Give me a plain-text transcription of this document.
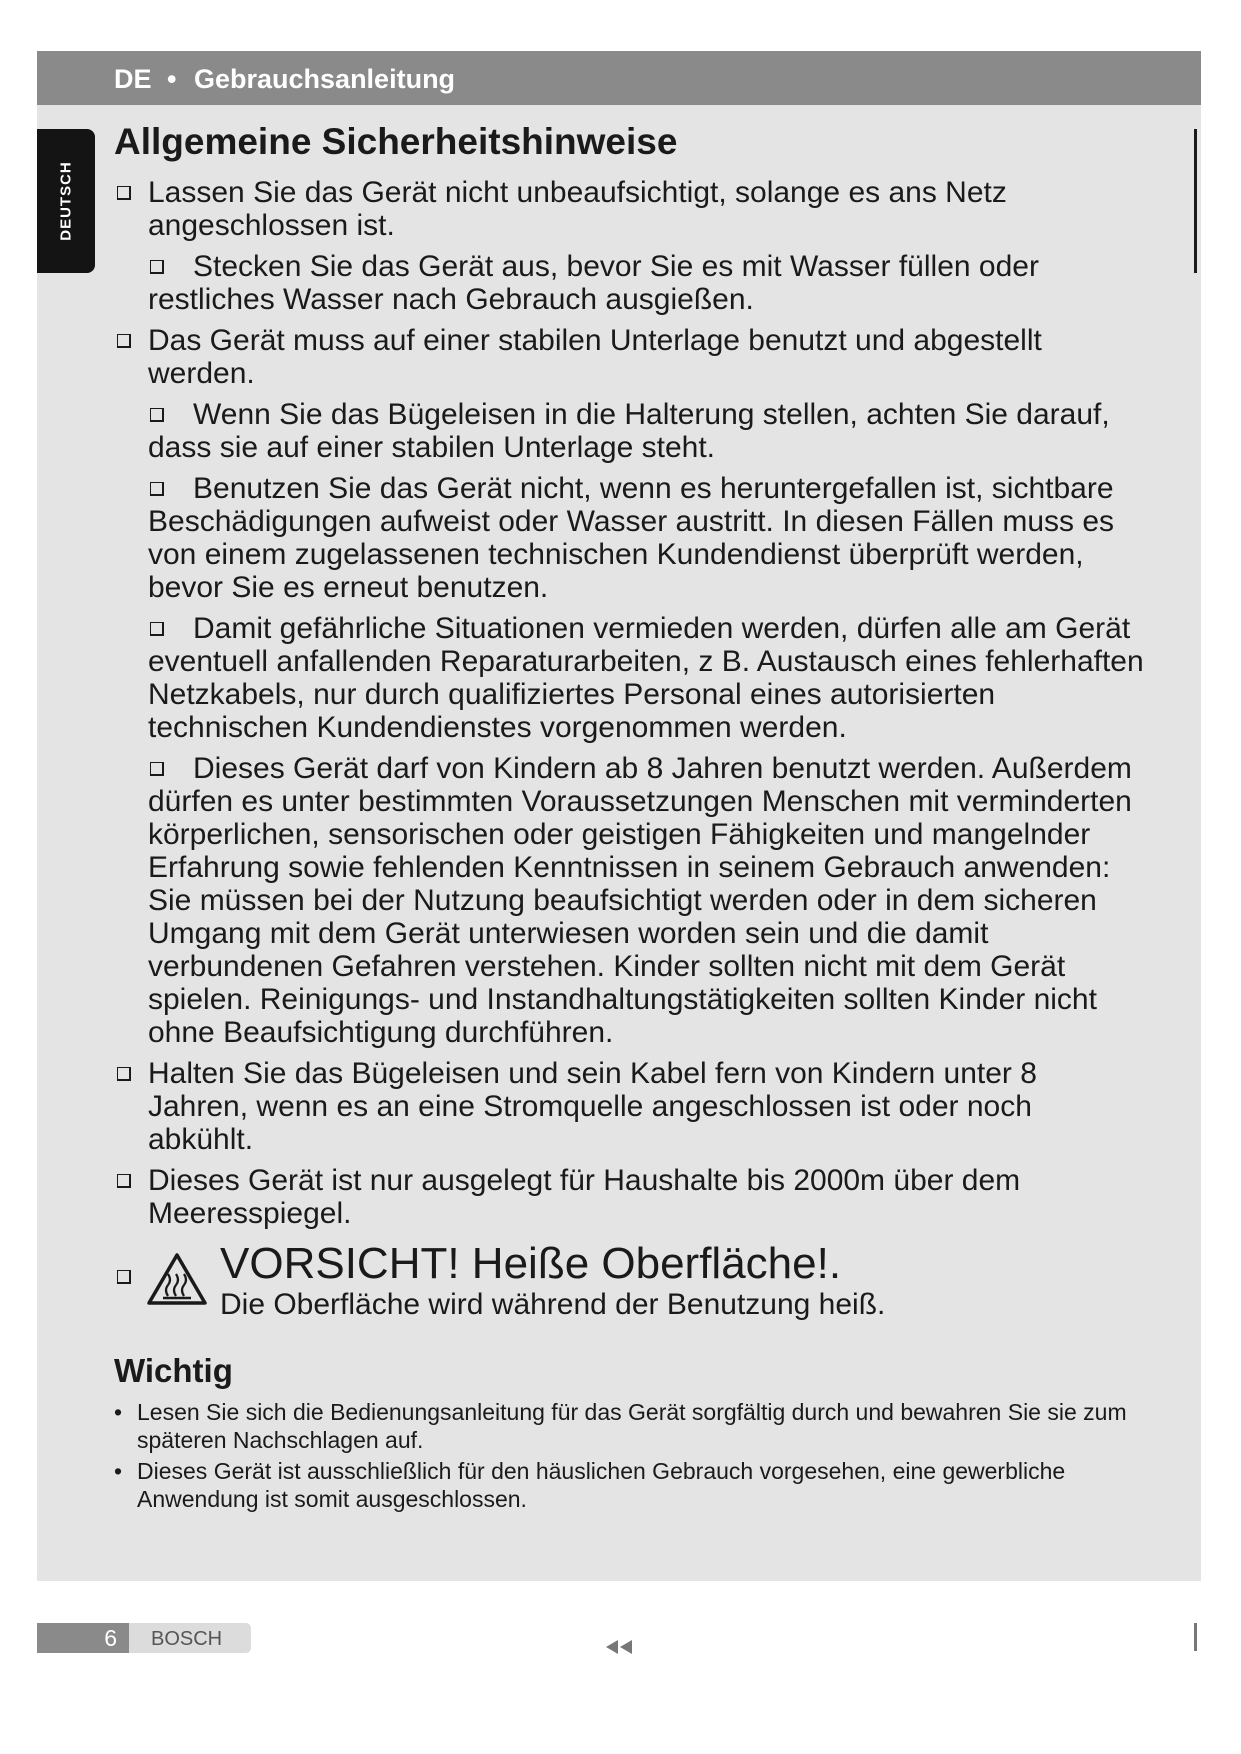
DE • Gebrauchsanleitung
DEUTSCH
Allgemeine Sicherheitshinweise
Lassen Sie das Gerät nicht unbeaufsichtigt, solange es ans Netz angeschlossen ist.
Stecken Sie das Gerät aus, bevor Sie es mit Wasser füllen oder restliches Wasser nach Gebrauch ausgießen.
Das Gerät muss auf einer stabilen Unterlage benutzt und abgestellt werden.
Wenn Sie das Bügeleisen in die Halterung stellen, achten Sie darauf, dass sie auf einer stabilen Unterlage steht.
Benutzen Sie das Gerät nicht, wenn es heruntergefallen ist, sichtbare Beschädigungen aufweist oder Wasser austritt. In diesen Fällen muss es von einem zugelassenen technischen Kundendienst überprüft werden, bevor Sie es erneut benutzen.
Damit gefährliche Situationen vermieden werden, dürfen alle am Gerät eventuell anfallenden Reparaturarbeiten, z B. Austausch eines fehlerhaften Netzkabels, nur durch qualifiziertes Personal eines autorisierten technischen Kundendienstes vorgenommen werden.
Dieses Gerät darf von Kindern ab 8 Jahren benutzt werden. Außerdem dürfen es unter bestimmten Voraussetzungen Menschen mit verminderten körperlichen, sensorischen oder geistigen Fähigkeiten und mangelnder Erfahrung sowie fehlenden Kenntnissen in seinem Gebrauch anwenden: Sie müssen bei der Nutzung beaufsichtigt werden oder in dem sicheren Umgang mit dem Gerät unterwiesen worden sein und die damit verbundenen Gefahren verstehen. Kinder sollten nicht mit dem Gerät spielen. Reinigungs- und Instandhaltungstätigkeiten sollten Kinder nicht ohne Beaufsichtigung durchführen.
Halten Sie das Bügeleisen und sein Kabel fern von Kindern unter 8 Jahren, wenn es an eine Stromquelle angeschlossen ist oder noch abkühlt.
Dieses Gerät ist nur ausgelegt für Haushalte bis 2000m über dem Meeresspiegel.
VORSICHT! Heiße Oberfläche!.
Die Oberfläche wird während der Benutzung heiß.
Wichtig
• Lesen Sie sich die Bedienungsanleitung für das Gerät sorgfältig durch und bewahren Sie sie zum späteren Nachschlagen auf.
• Dieses Gerät ist ausschließlich für den häuslichen Gebrauch vorgesehen, eine gewerbliche Anwendung ist somit ausgeschlossen.
6 BOSCH
